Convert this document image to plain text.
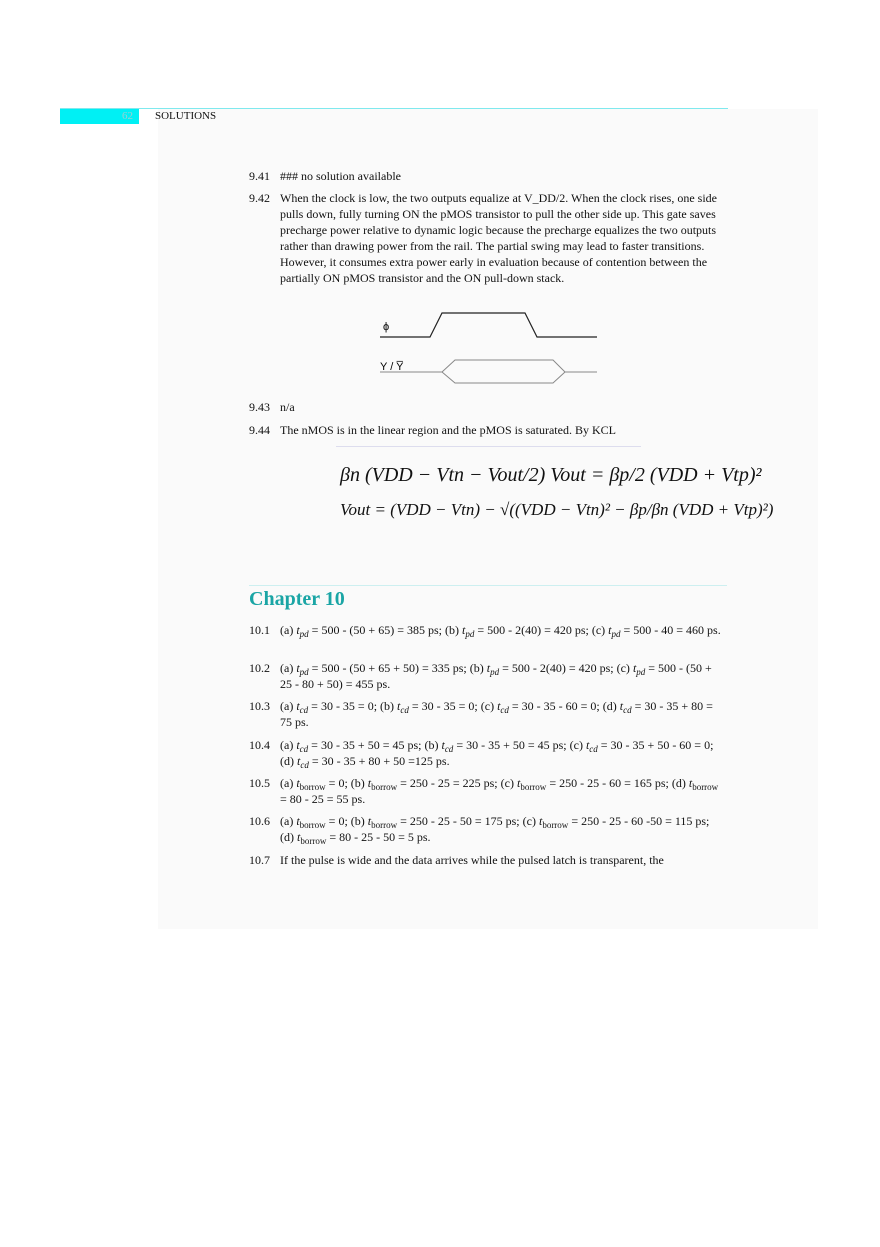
62	SOLUTIONS
9.41 ### no solution available
9.42 When the clock is low, the two outputs equalize at V_DD/2. When the clock rises, one side pulls down, fully turning ON the pMOS transistor to pull the other side up. This gate saves precharge power relative to dynamic logic because the precharge equalizes the two outputs rather than drawing power from the rail. The partial swing may lead to faster transitions. However, it consumes extra power early in evaluation because of contention between the partially ON pMOS transistor and the ON pull-down stack.
ϕ
Y / Y̅
9.43 n/a
9.44 The nMOS is in the linear region and the pMOS is saturated. By KCL
βn (VDD − Vtn − Vout/2) Vout = βp/2 (VDD + Vtp)²
Vout = (VDD − Vtn) − √((VDD − Vtn)² − βp/βn (VDD + Vtp)²)
Chapter 10
10.1 (a) $t_{pd} = 500 - (50 + 65) = 385$ ps; (b) $t_{pd} = 500 - 2(40) = 420$ ps; (c) $t_{pd} = 500 - 40 = 460$ ps.
10.2 (a) $t_{pd} = 500 - (50 + 65 + 50) = 335$ ps; (b) $t_{pd} = 500 - 2(40) = 420$ ps; (c) $t_{pd} = 500 - (50 + 25 - 80 + 50) = 455$ ps.
10.3 (a) $t_{cd} = 30 - 35 = 0$; (b) $t_{cd} = 30 - 35 = 0$; (c) $t_{cd} = 30 - 35 - 60 = 0$; (d) $t_{cd} = 30 - 35 + 80 = 75$ ps.
10.4 (a) $t_{cd} = 30 - 35 + 50 = 45$ ps; (b) $t_{cd} = 30 - 35 + 50 = 45$ ps; (c) $t_{cd} = 30 - 35 + 50 - 60 = 0$; (d) $t_{cd} = 30 - 35 + 80 + 50 =125$ ps.
10.5 (a) $t_{borrow} = 0$; (b) $t_{borrow} = 250 - 25 = 225$ ps; (c) $t_{borrow} = 250 - 25 - 60 = 165$ ps; (d) $t_{borrow} = 80 - 25 = 55$ ps.
10.6 (a) $t_{borrow} = 0$; (b) $t_{borrow} = 250 - 25 - 50 = 175$ ps; (c) $t_{borrow} = 250 - 25 - 60$ -50 = 115 ps; (d) $t_{borrow} = 80 - 25 - 50 = 5$ ps.
10.7 If the pulse is wide and the data arrives while the pulsed latch is transparent, the
